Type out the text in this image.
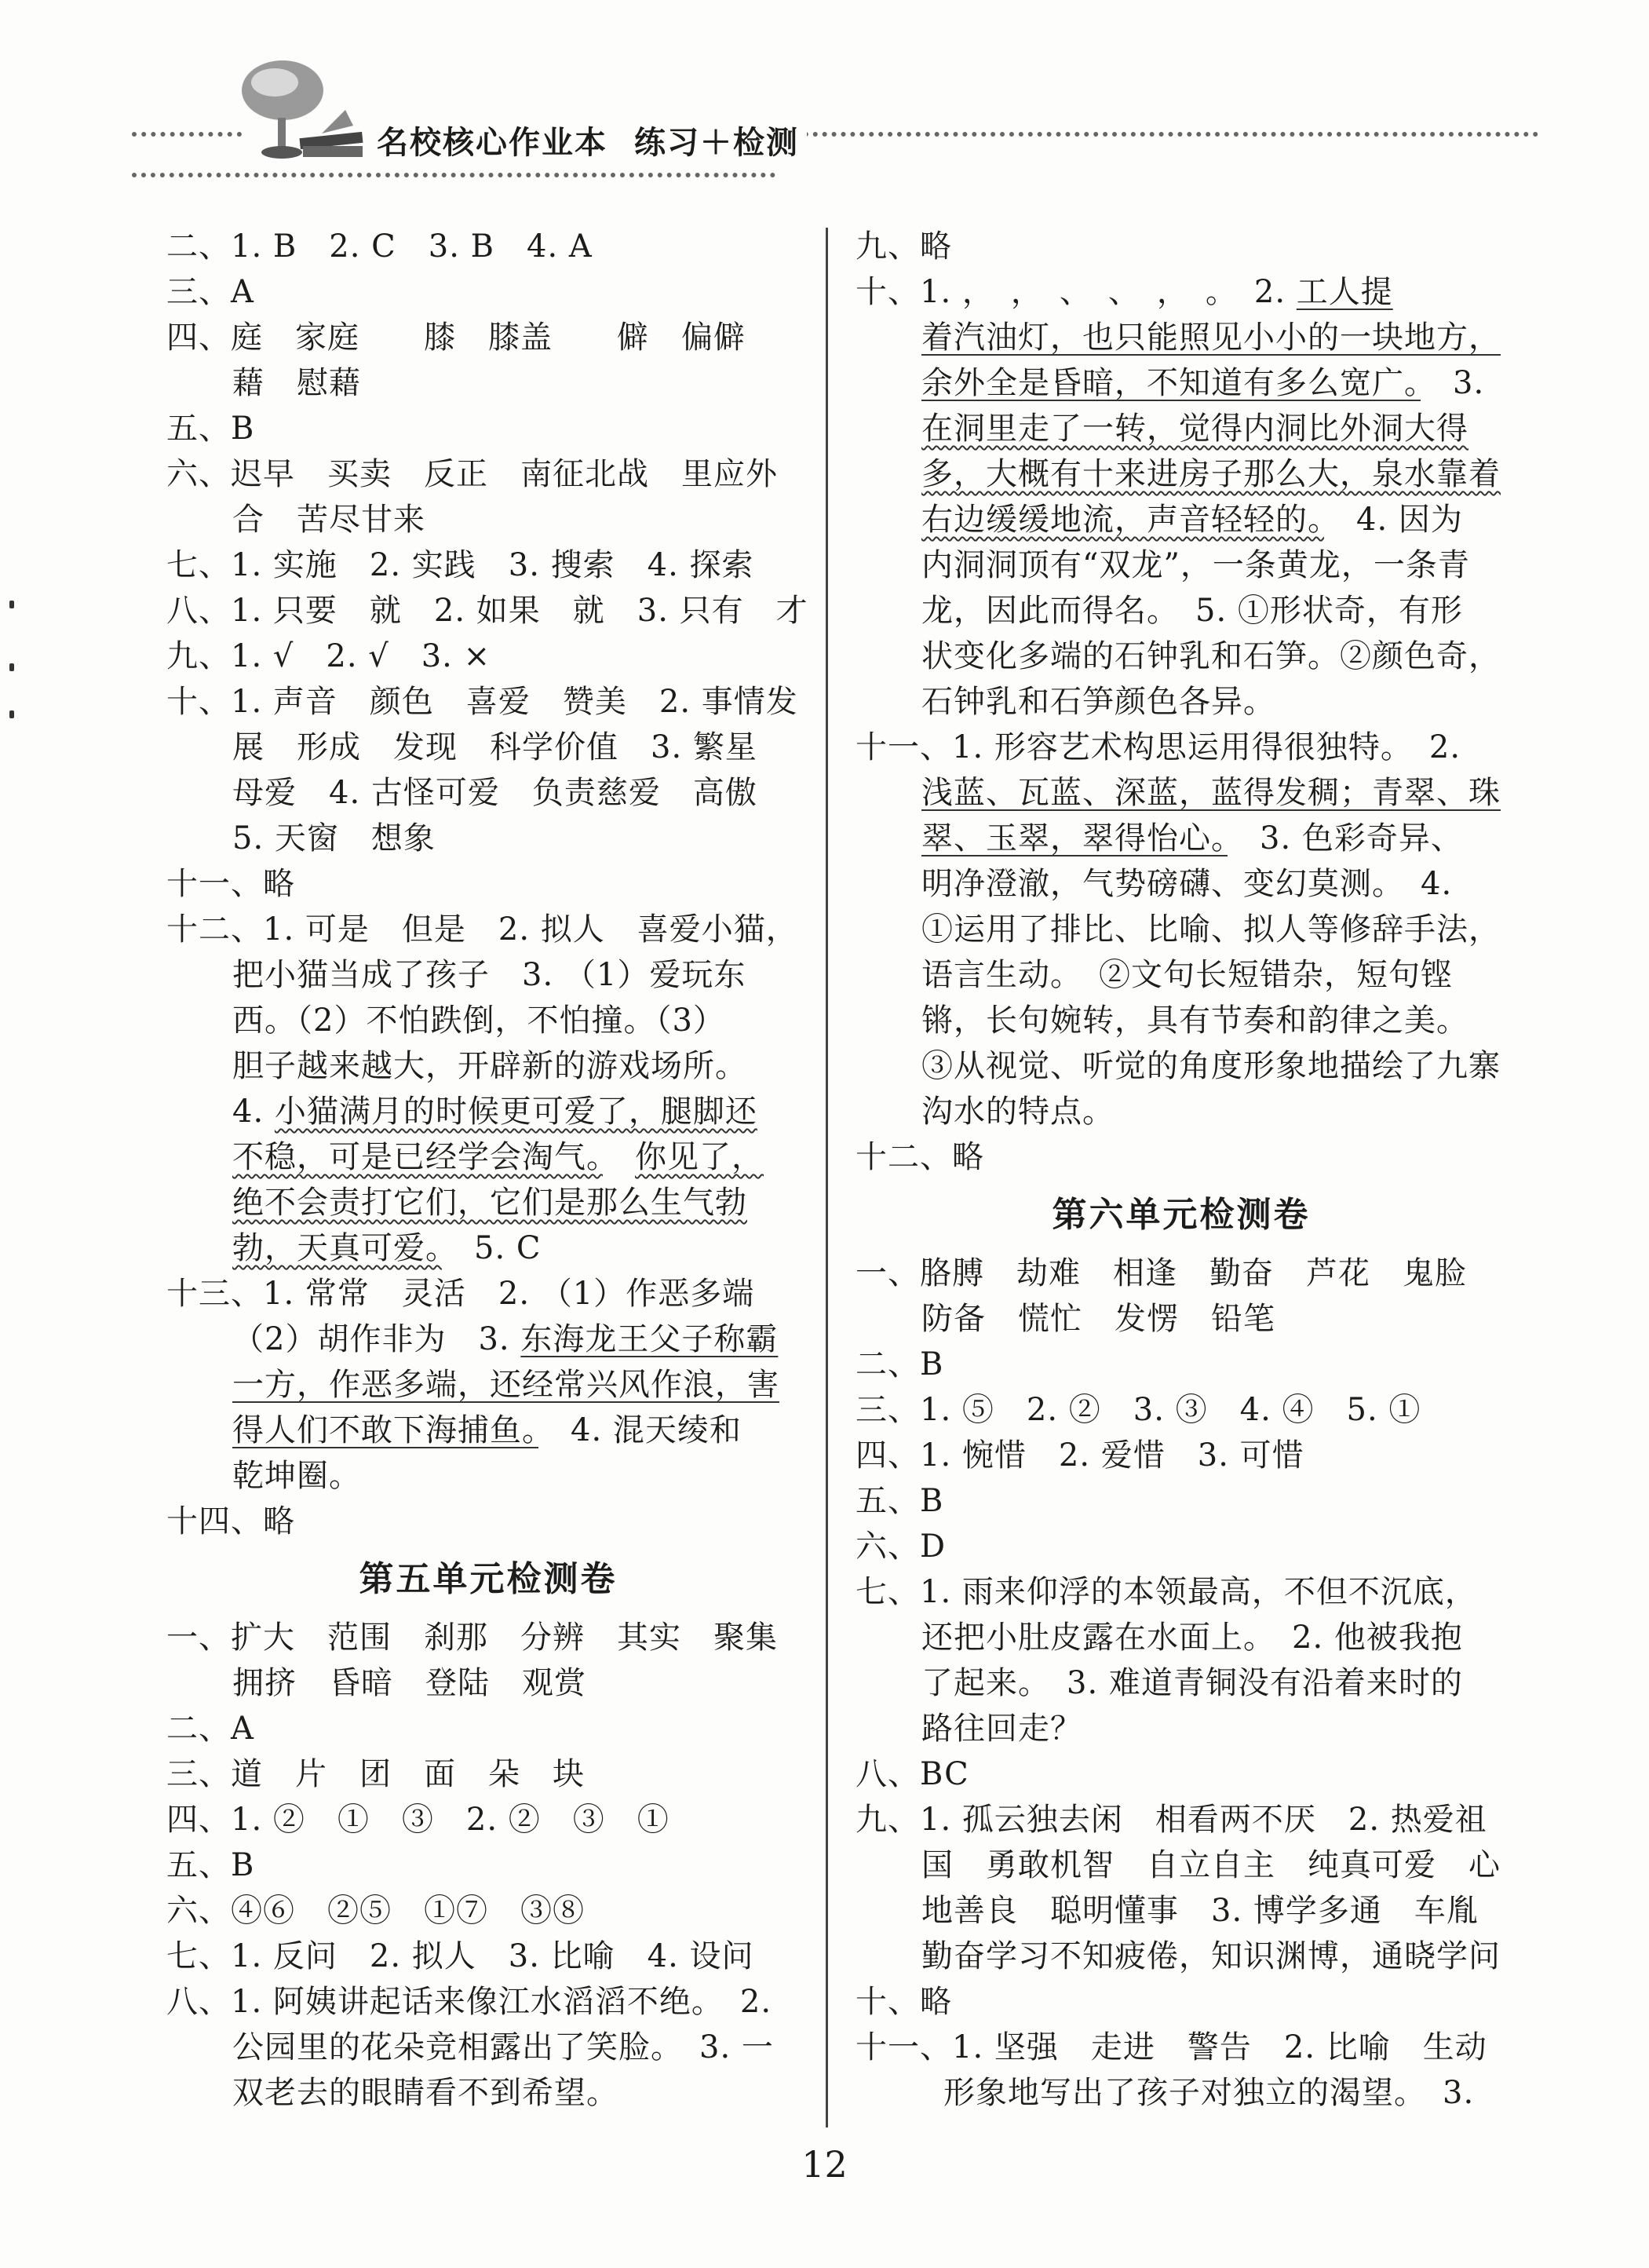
名校核心作业本 练习＋检测
二、1. B　2. C　3. B　4. A
三、A
四、庭　家庭　　膝　膝盖　　僻　偏僻
藉　慰藉
五、B
六、迟早　买卖　反正　南征北战　里应外
合　苦尽甘来
七、1. 实施　2. 实践　3. 搜索　4. 探索
八、1. 只要　就　2. 如果　就　3. 只有　才
九、1. √　2. √　3. ×
十、1. 声音　颜色　喜爱　赞美　2. 事情发
展　形成　发现　科学价值　3. 繁星
母爱　4. 古怪可爱　负责慈爱　高傲
5. 天窗　想象
十一、略
十二、1. 可是　但是　2. 拟人　喜爱小猫，
把小猫当成了孩子　3. （1）爱玩东
西。（2）不怕跌倒，不怕撞。（3）
胆子越来越大，开辟新的游戏场所。
4. 小猫满月的时候更可爱了，腿脚还
不稳，可是已经学会淘气。　 你见了，
绝不会责打它们，它们是那么生气勃
勃，天真可爱。　5. C
十三、1. 常常　灵活　2. （1）作恶多端
（2）胡作非为　3. 东海龙王父子称霸
一方，作恶多端，还经常兴风作浪，害
得人们不敢下海捕鱼。　4. 混天绫和
乾坤圈。
十四、略
第五单元检测卷
一、扩大　范围　刹那　分辨　其实　聚集
拥挤　昏暗　登陆　观赏
二、A
三、道　片　团　面　朵　块
四、1. ②　①　③　2. ②　③　①
五、B
六、④⑥　②⑤　①⑦　③⑧
七、1. 反问　2. 拟人　3. 比喻　4. 设问
八、1. 阿姨讲起话来像江水滔滔不绝。　2.
公园里的花朵竞相露出了笑脸。　3. 一
双老去的眼睛看不到希望。
九、略
十、1. ，　，　、　、　，　。　2. 工人提
着汽油灯，也只能照见小小的一块地方，
余外全是昏暗，不知道有多么宽广。　3.
在洞里走了一转，觉得内洞比外洞大得
多，大概有十来进房子那么大，泉水靠着
右边缓缓地流，声音轻轻的。　4. 因为
内洞洞顶有“双龙”，一条黄龙，一条青
龙，因此而得名。　5. ①形状奇，有形
状变化多端的石钟乳和石笋。②颜色奇，
石钟乳和石笋颜色各异。
十一、1. 形容艺术构思运用得很独特。　2.
浅蓝、瓦蓝、深蓝，蓝得发稠；青翠、珠
翠、玉翠，翠得怡心。　3. 色彩奇异、
明净澄澈，气势磅礴、变幻莫测。　4.
①运用了排比、比喻、拟人等修辞手法，
语言生动。　②文句长短错杂，短句铿
锵，长句婉转，具有节奏和韵律之美。
③从视觉、听觉的角度形象地描绘了九寨
沟水的特点。
十二、略
第六单元检测卷
一、胳膊　劫难　相逢　勤奋　芦花　鬼脸
防备　慌忙　发愣　铅笔
二、B
三、1. ⑤　2. ②　3. ③　4. ④　5. ①
四、1. 惋惜　2. 爱惜　3. 可惜
五、B
六、D
七、1. 雨来仰浮的本领最高，不但不沉底，
还把小肚皮露在水面上。　2. 他被我抱
了起来。　3. 难道青铜没有沿着来时的
路往回走？
八、BC
九、1. 孤云独去闲　相看两不厌　2. 热爱祖
国　勇敢机智　自立自主　纯真可爱　心
地善良　聪明懂事　3. 博学多通　车胤
勤奋学习不知疲倦，知识渊博，通晓学问
十、略
十一、1. 坚强　走进　警告　2. 比喻　生动
形象地写出了孩子对独立的渴望。　3.
12
